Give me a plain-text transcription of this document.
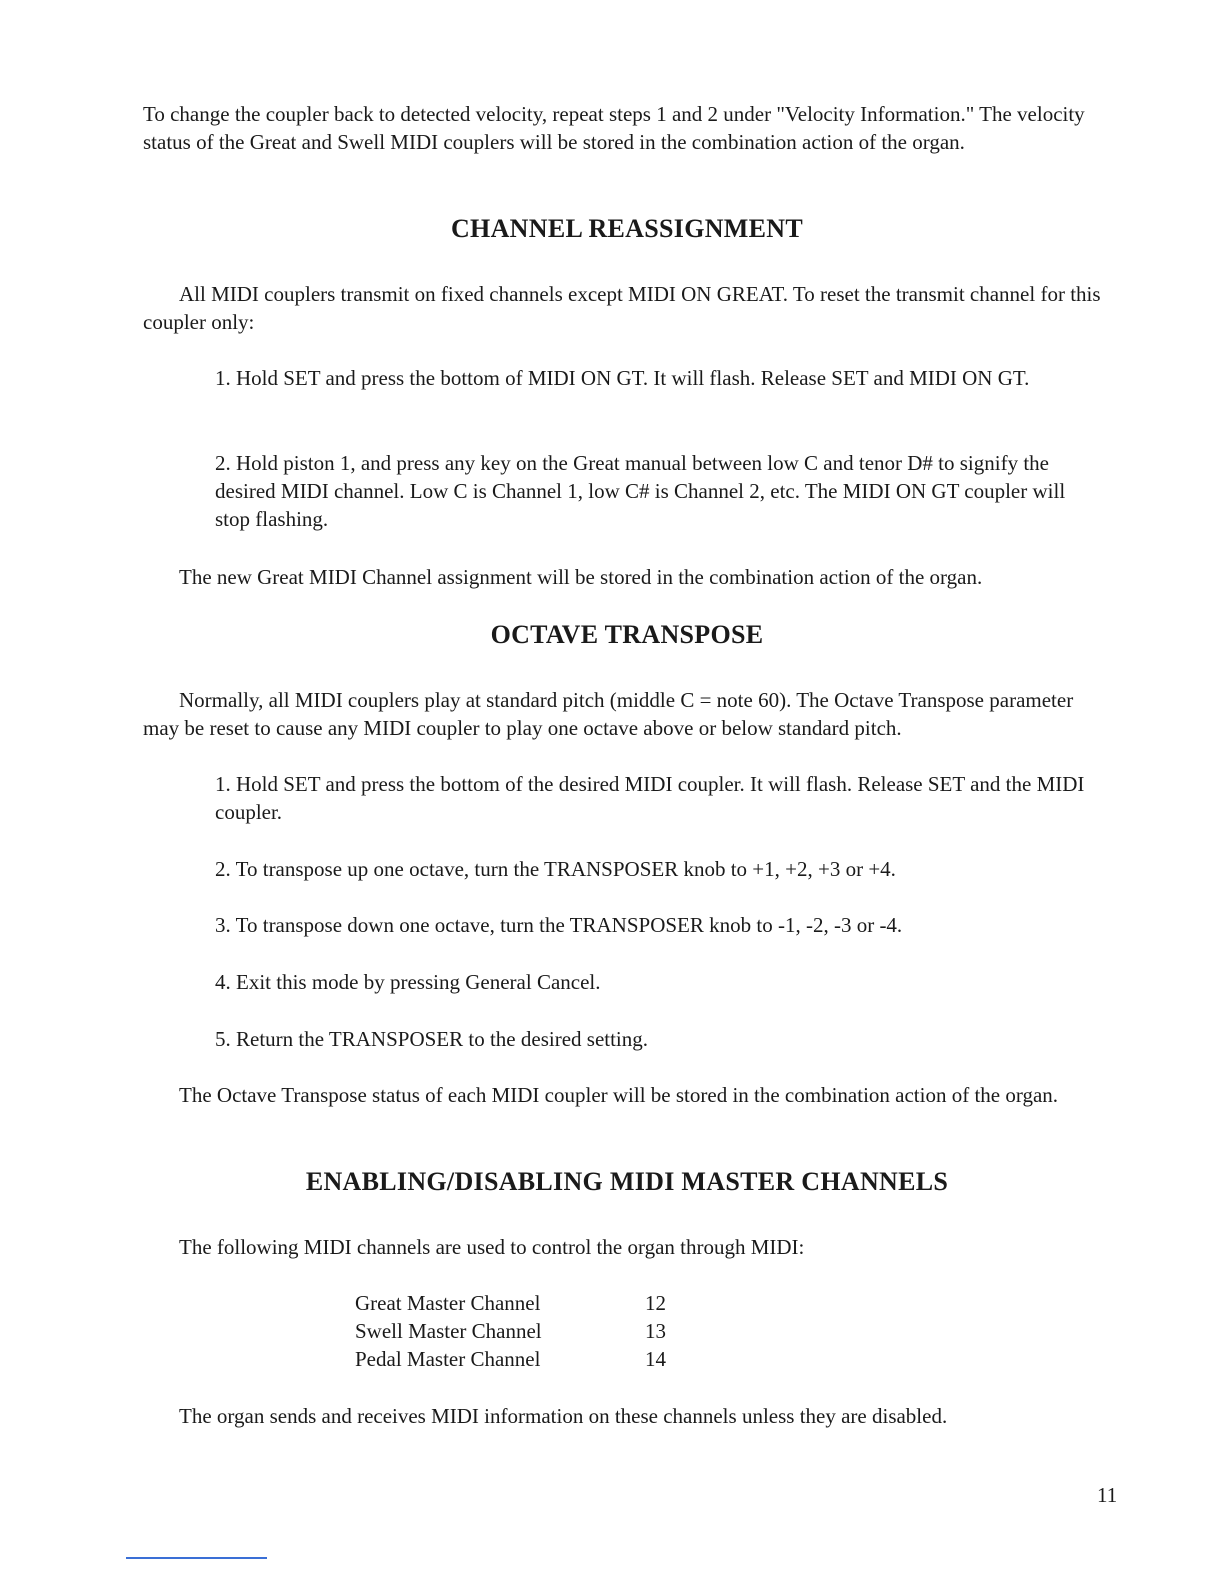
To change the coupler back to detected velocity, repeat steps 1 and 2 under "Velocity Information." The velocity status of the Great and Swell MIDI couplers will be stored in the combination action of the organ.

CHANNEL REASSIGNMENT

All MIDI couplers transmit on fixed channels except MIDI ON GREAT. To reset the transmit channel for this coupler only:

1. Hold SET and press the bottom of MIDI ON GT. It will flash. Release SET and MIDI ON GT.

2. Hold piston 1, and press any key on the Great manual between low C and tenor D# to signify the desired MIDI channel. Low C is Channel 1, low C# is Channel 2, etc. The MIDI ON GT coupler will stop flashing.

The new Great MIDI Channel assignment will be stored in the combination action of the organ.

OCTAVE TRANSPOSE

Normally, all MIDI couplers play at standard pitch (middle C = note 60). The Octave Transpose parameter may be reset to cause any MIDI coupler to play one octave above or below standard pitch.

1. Hold SET and press the bottom of the desired MIDI coupler. It will flash. Release SET and the MIDI coupler.

2. To transpose up one octave, turn the TRANSPOSER knob to +1, +2, +3 or +4.

3. To transpose down one octave, turn the TRANSPOSER knob to -1, -2, -3 or -4.

4. Exit this mode by pressing General Cancel.

5. Return the TRANSPOSER to the desired setting.

The Octave Transpose status of each MIDI coupler will be stored in the combination action of the organ.

ENABLING/DISABLING MIDI MASTER CHANNELS

The following MIDI channels are used to control the organ through MIDI:

Great Master Channel	12
Swell Master Channel	13
Pedal Master Channel	14

The organ sends and receives MIDI information on these channels unless they are disabled.

11
